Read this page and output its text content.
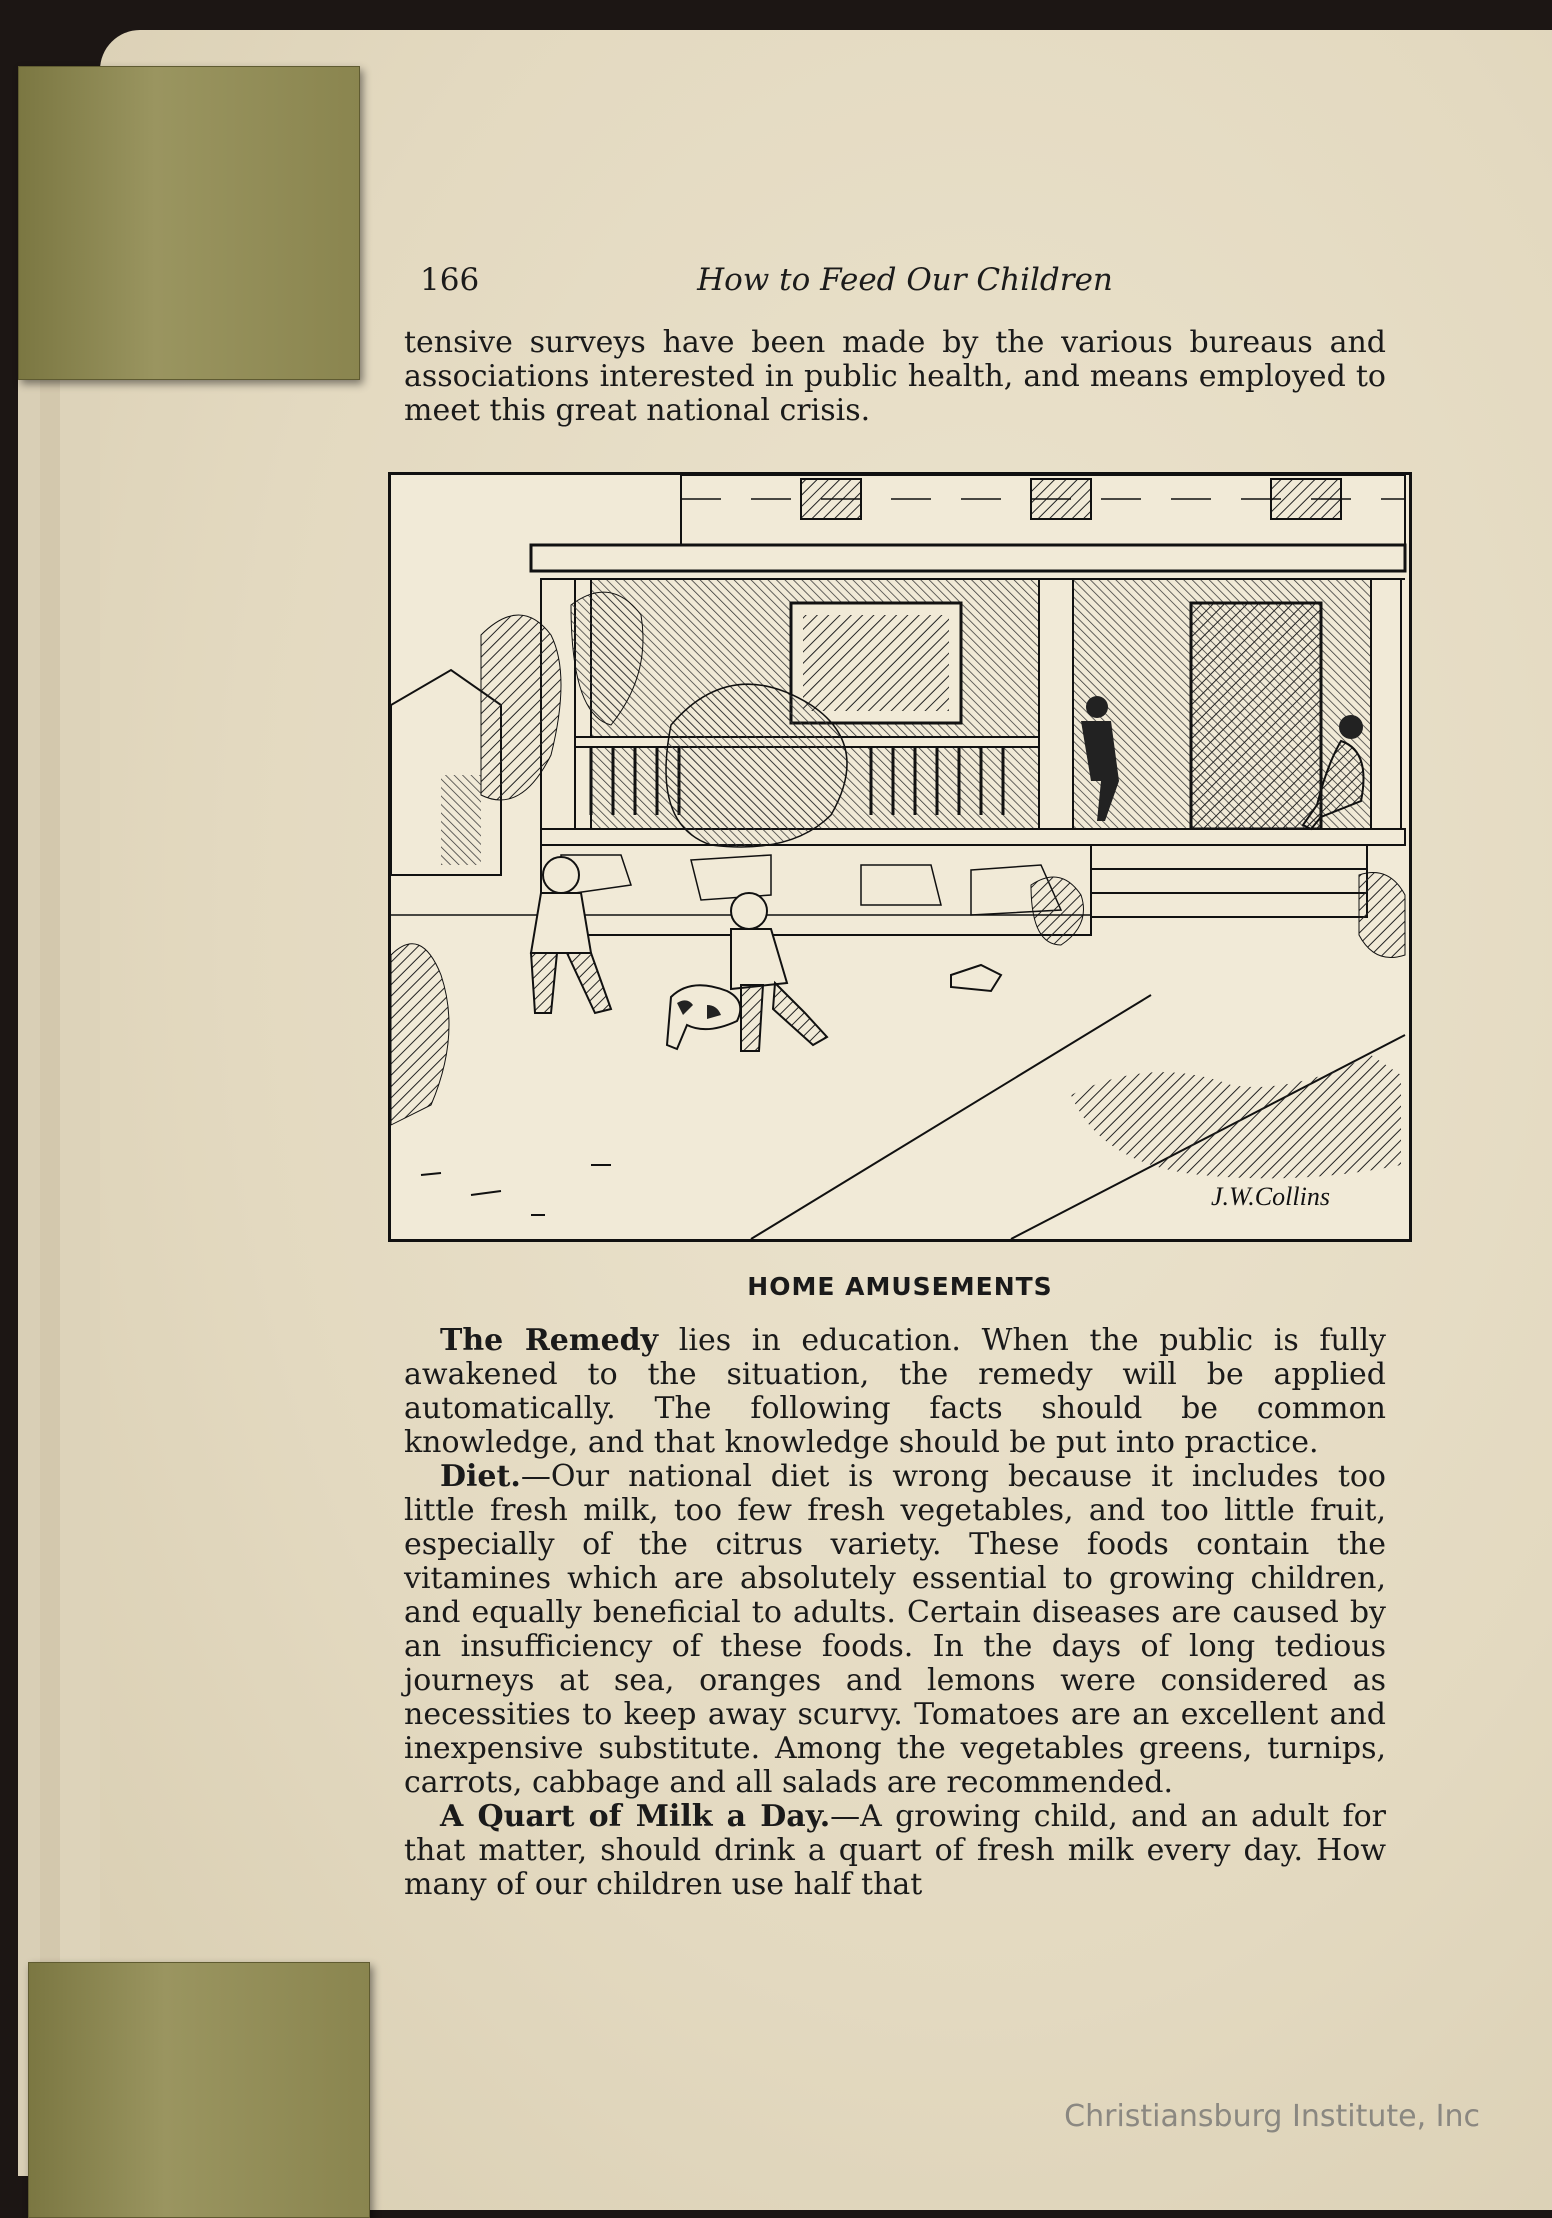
166	How to Feed Our Children

tensive surveys have been made by the various bureaus and associations interested in public health, and means employed to meet this great national crisis.

J.W.Collins
HOME AMUSEMENTS

The Remedy lies in education. When the public is fully awakened to the situation, the remedy will be applied automatically. The following facts should be common knowledge, and that knowledge should be put into practice.

Diet.—Our national diet is wrong because it includes too little fresh milk, too few fresh vegetables, and too little fruit, especially of the citrus variety. These foods contain the vitamines which are absolutely essential to growing children, and equally beneficial to adults. Certain diseases are caused by an insufficiency of these foods. In the days of long tedious journeys at sea, oranges and lemons were considered as necessities to keep away scurvy. Tomatoes are an excellent and inexpensive substitute. Among the vegetables greens, turnips, carrots, cabbage and all salads are recommended.

A Quart of Milk a Day.—A growing child, and an adult for that matter, should drink a quart of fresh milk every day. How many of our children use half that

Christiansburg Institute, Inc
